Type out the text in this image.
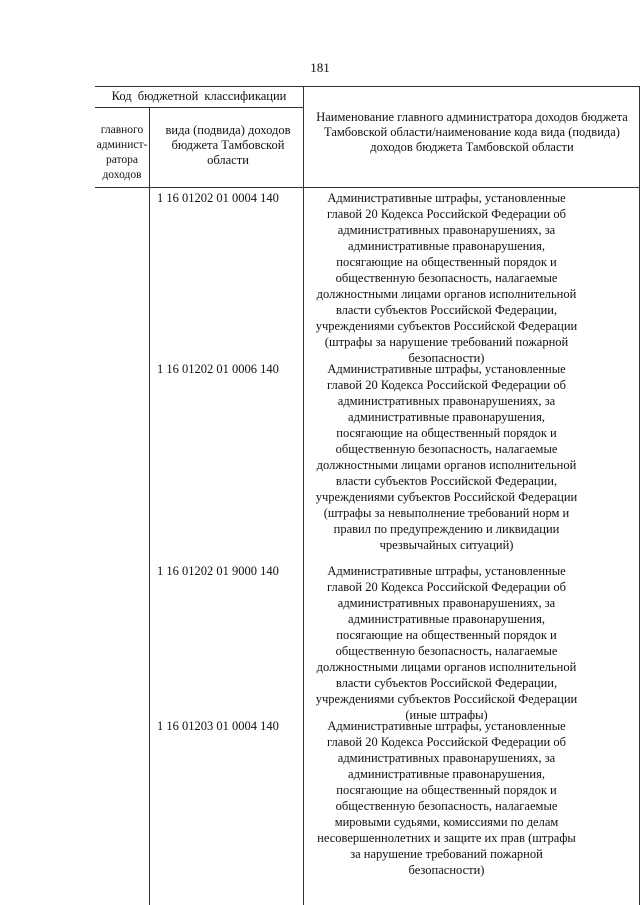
181
Код бюджетной классификации
главного админист-ратора доходов
вида (подвида) доходов бюджета Тамбовской области
Наименование главного администратора доходов бюджета Тамбовской области/наименование кода вида (подвида) доходов бюджета Тамбовской области
1 16 01202 01 0004 140	Административные штрафы, установленные главой 20 Кодекса Российской Федерации об административных правонарушениях, за административные правонарушения, посягающие на общественный порядок и общественную безопасность, налагаемые должностными лицами органов исполнительной власти субъектов Российской Федерации, учреждениями субъектов Российской Федерации (штрафы за нарушение требований пожарной безопасности)
1 16 01202 01 0006 140	Административные штрафы, установленные главой 20 Кодекса Российской Федерации об административных правонарушениях, за административные правонарушения, посягающие на общественный порядок и общественную безопасность, налагаемые должностными лицами органов исполнительной власти субъектов Российской Федерации, учреждениями субъектов Российской Федерации (штрафы за невыполнение требований норм и правил по предупреждению и ликвидации чрезвычайных ситуаций)
1 16 01202 01 9000 140	Административные штрафы, установленные главой 20 Кодекса Российской Федерации об административных правонарушениях, за административные правонарушения, посягающие на общественный порядок и общественную безопасность, налагаемые должностными лицами органов исполнительной власти субъектов Российской Федерации, учреждениями субъектов Российской Федерации (иные штрафы)
1 16 01203 01 0004 140	Административные штрафы, установленные главой 20 Кодекса Российской Федерации об административных правонарушениях, за административные правонарушения, посягающие на общественный порядок и общественную безопасность, налагаемые мировыми судьями, комиссиями по делам несовершеннолетних и защите их прав (штрафы за нарушение требований пожарной безопасности)
